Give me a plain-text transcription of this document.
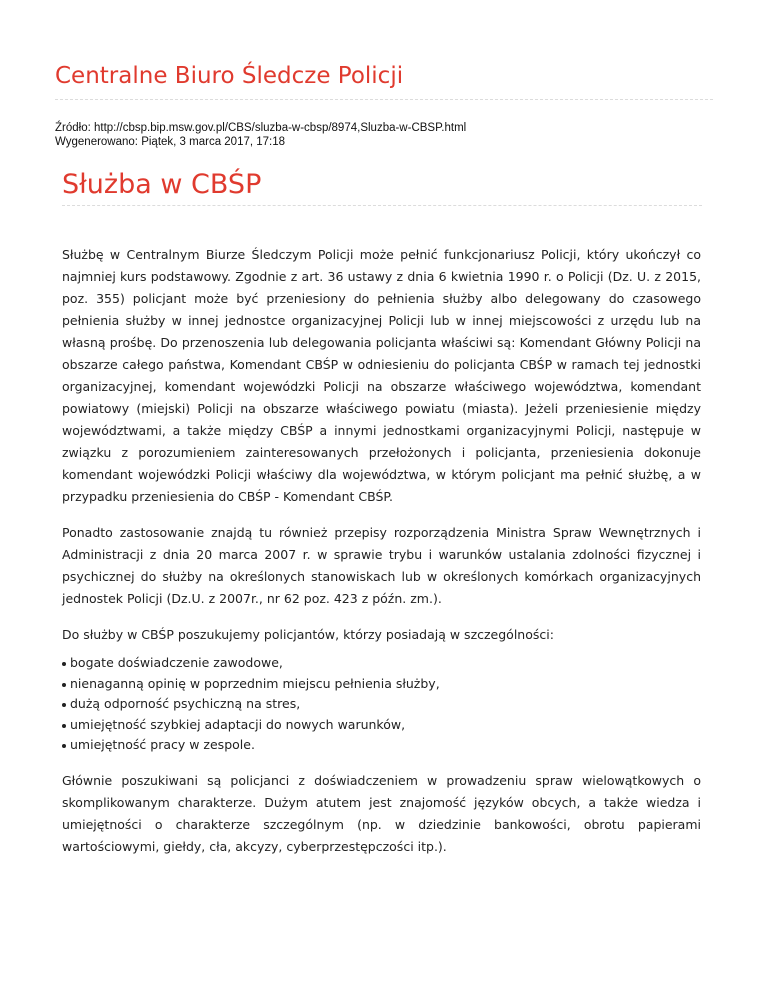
Centralne Biuro Śledcze Policji
Źródło: http://cbsp.bip.msw.gov.pl/CBS/sluzba-w-cbsp/8974,Sluzba-w-CBSP.html
Wygenerowano: Piątek, 3 marca 2017, 17:18
Służba w CBŚP

Służbę w Centralnym Biurze Śledczym Policji może pełnić funkcjonariusz Policji, który ukończył co najmniej kurs podstawowy. Zgodnie z art. 36 ustawy z dnia 6 kwietnia 1990 r. o Policji (Dz. U. z 2015, poz. 355) policjant może być przeniesiony do pełnienia służby albo delegowany do czasowego pełnienia służby w innej jednostce organizacyjnej Policji lub w innej miejscowości z urzędu lub na własną prośbę. Do przenoszenia lub delegowania policjanta właściwi są: Komendant Główny Policji na obszarze całego państwa, Komendant CBŚP w odniesieniu do policjanta CBŚP w ramach tej jednostki organizacyjnej, komendant wojewódzki Policji na obszarze właściwego województwa, komendant powiatowy (miejski) Policji na obszarze właściwego powiatu (miasta). Jeżeli przeniesienie między województwami, a także między CBŚP a innymi jednostkami organizacyjnymi Policji, następuje w związku z porozumieniem zainteresowanych przełożonych i policjanta, przeniesienia dokonuje komendant wojewódzki Policji właściwy dla województwa, w którym policjant ma pełnić służbę, a w przypadku przeniesienia do CBŚP - Komendant CBŚP.

Ponadto zastosowanie znajdą tu również przepisy rozporządzenia Ministra Spraw Wewnętrznych i Administracji z dnia 20 marca 2007 r. w sprawie trybu i warunków ustalania zdolności fizycznej i psychicznej do służby na określonych stanowiskach lub w określonych komórkach organizacyjnych jednostek Policji (Dz.U. z 2007r., nr 62 poz. 423 z późn. zm.).

Do służby w CBŚP poszukujemy policjantów, którzy posiadają w szczególności:

bogate doświadczenie zawodowe,
nienaganną opinię w poprzednim miejscu pełnienia służby,
dużą odporność psychiczną na stres,
umiejętność szybkiej adaptacji do nowych warunków,
umiejętność pracy w zespole.

Głównie poszukiwani są policjanci z doświadczeniem w prowadzeniu spraw wielowątkowych o skomplikowanym charakterze. Dużym atutem jest znajomość języków obcych, a także wiedza i umiejętności o charakterze szczególnym (np. w dziedzinie bankowości, obrotu papierami wartościowymi, giełdy, cła, akcyzy, cyberprzestępczości itp.).
